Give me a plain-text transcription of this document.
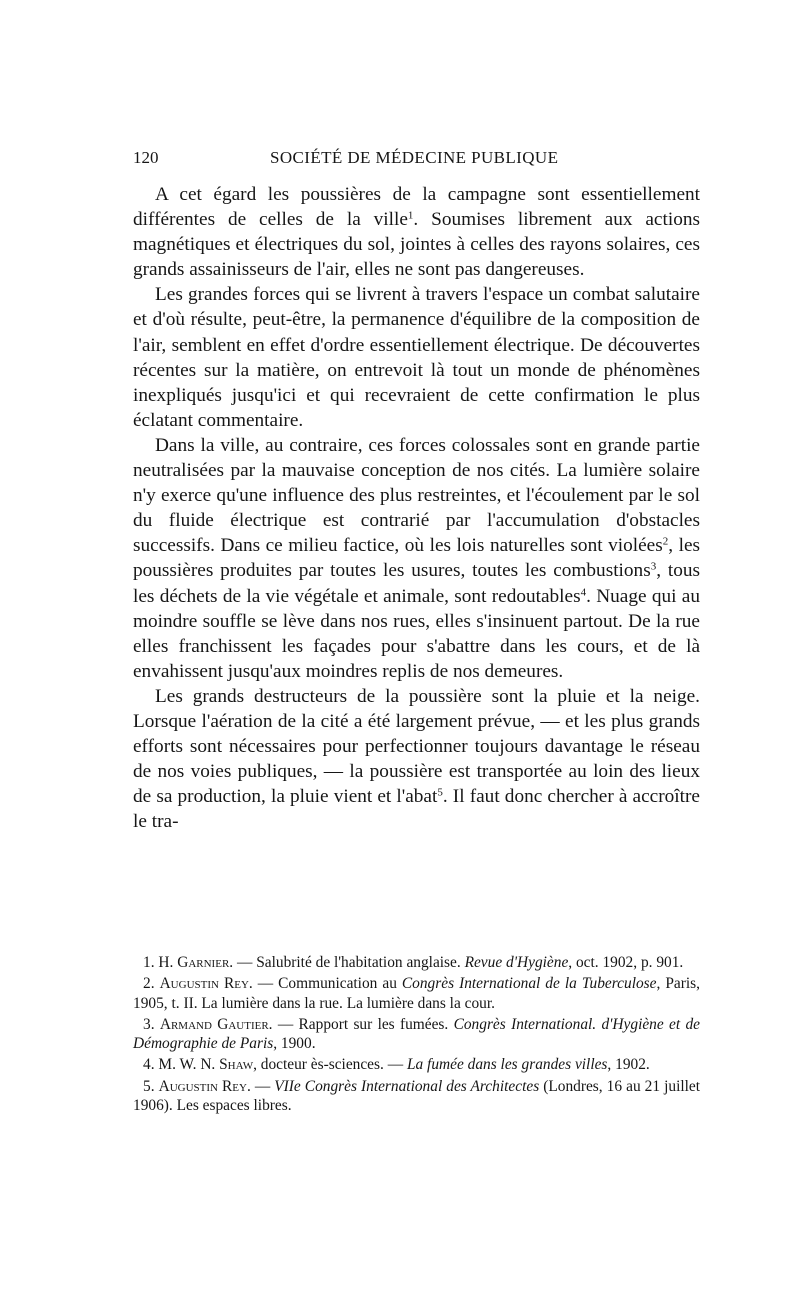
120	SOCIÉTÉ DE MÉDECINE PUBLIQUE

A cet égard les poussières de la campagne sont essentiellement différentes de celles de la ville$^1$. Soumises librement aux actions magnétiques et électriques du sol, jointes à celles des rayons solaires, ces grands assainisseurs de l'air, elles ne sont pas dangereuses.

Les grandes forces qui se livrent à travers l'espace un combat salutaire et d'où résulte, peut-être, la permanence d'équilibre de la composition de l'air, semblent en effet d'ordre essentiellement électrique. De découvertes récentes sur la matière, on entrevoit là tout un monde de phénomènes inexpliqués jusqu'ici et qui recevraient de cette confirmation le plus éclatant commentaire.

Dans la ville, au contraire, ces forces colossales sont en grande partie neutralisées par la mauvaise conception de nos cités. La lumière solaire n'y exerce qu'une influence des plus restreintes, et l'écoulement par le sol du fluide électrique est contrarié par l'accumulation d'obstacles successifs. Dans ce milieu factice, où les lois naturelles sont violées$^2$, les poussières produites par toutes les usures, toutes les combustions$^3$, tous les déchets de la vie végétale et animale, sont redoutables$^4$. Nuage qui au moindre souffle se lève dans nos rues, elles s'insinuent partout. De la rue elles franchissent les façades pour s'abattre dans les cours, et de là envahissent jusqu'aux moindres replis de nos demeures.

Les grands destructeurs de la poussière sont la pluie et la neige. Lorsque l'aération de la cité a été largement prévue, — et les plus grands efforts sont nécessaires pour perfectionner toujours davantage le réseau de nos voies publiques, — la poussière est transportée au loin des lieux de sa production, la pluie vient et l'abat$^5$. Il faut donc chercher à accroître le tra-

1. H. Garnier. — Salubrité de l'habitation anglaise. Revue d'Hygiène, oct. 1902, p. 901.

2. Augustin Rey. — Communication au Congrès International de la Tuberculose, Paris, 1905, t. II. La lumière dans la rue. La lumière dans la cour.

3. Armand Gautier. — Rapport sur les fumées. Congrès International. d'Hygiène et de Démographie de Paris, 1900.

4. M. W. N. Shaw, docteur ès-sciences. — La fumée dans les grandes villes, 1902.

5. Augustin Rey. — VIIe Congrès International des Architectes (Londres, 16 au 21 juillet 1906). Les espaces libres.
